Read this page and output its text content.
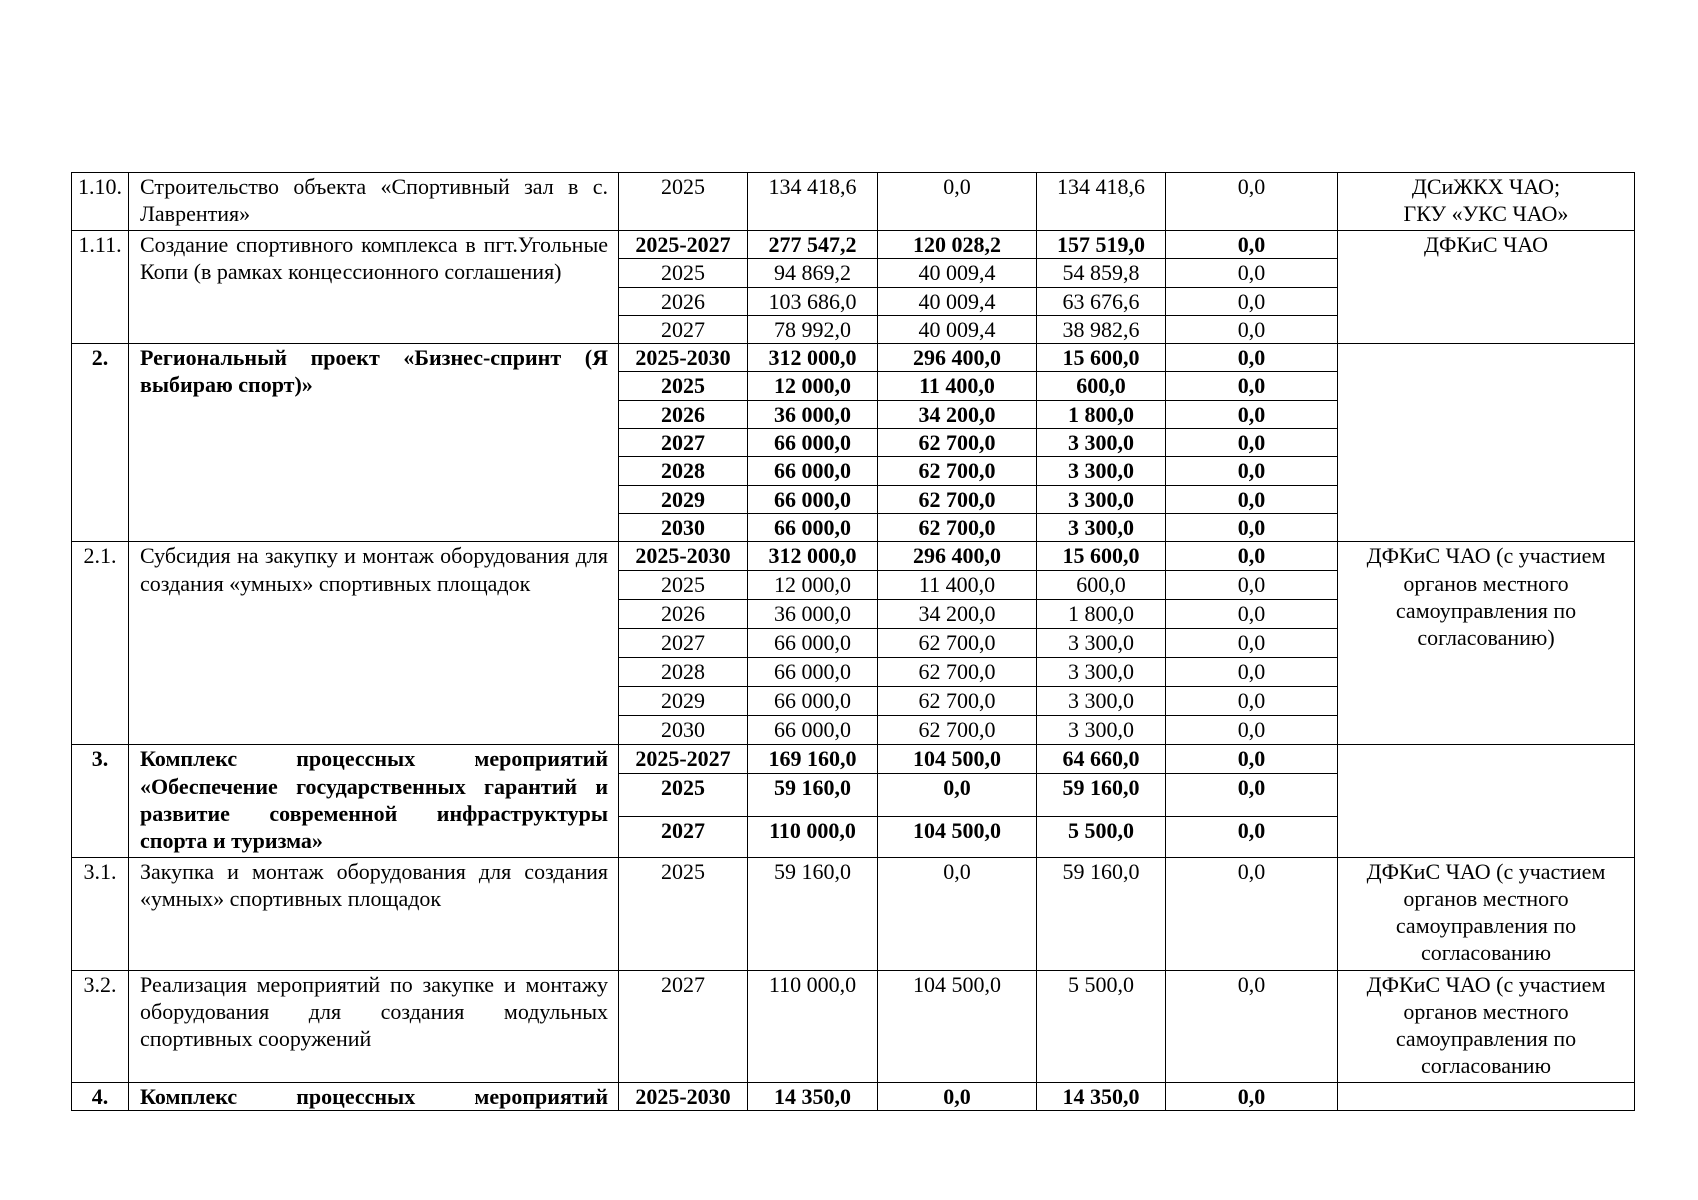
1.10.	Строительство объекта «Спортивный зал в с. Лаврентия»	2025	134 418,6	0,0	134 418,6	0,0	ДСиЖКХ ЧАО;
ГКУ «УКС ЧАО»

1.11.	Создание спортивного комплекса в пгт.Угольные Копи (в рамках концессионного соглашения)	2025-2027	277 547,2	120 028,2	157 519,0	0,0	ДФКиС ЧАО

		2025	94 869,2	40 009,4	54 859,8	0,0	
		2026	103 686,0	40 009,4	63 676,6	0,0	
		2027	78 992,0	40 009,4	38 982,6	0,0	
2.	Региональный проект «Бизнес-спринт (Я выбираю спорт)»	2025-2030	312 000,0	296 400,0	15 600,0	0,0	
		2025	12 000,0	11 400,0	600,0	0,0	
		2026	36 000,0	34 200,0	1 800,0	0,0	
		2027	66 000,0	62 700,0	3 300,0	0,0	
		2028	66 000,0	62 700,0	3 300,0	0,0	
		2029	66 000,0	62 700,0	3 300,0	0,0	
		2030	66 000,0	62 700,0	3 300,0	0,0	
2.1.	Субсидия на закупку и монтаж оборудования для создания «умных» спортивных площадок	2025-2030	312 000,0	296 400,0	15 600,0	0,0	ДФКиС ЧАО (с участием
органов местного
самоуправления по
согласованию)

		2025	12 000,0	11 400,0	600,0	0,0	
		2026	36 000,0	34 200,0	1 800,0	0,0	
		2027	66 000,0	62 700,0	3 300,0	0,0	
		2028	66 000,0	62 700,0	3 300,0	0,0	
		2029	66 000,0	62 700,0	3 300,0	0,0	
		2030	66 000,0	62 700,0	3 300,0	0,0	
3.	Комплекс процессных мероприятий «Обеспечение государственных гарантий и развитие современной инфраструктуры спорта и туризма»	2025-2027	169 160,0	104 500,0	64 660,0	0,0	
		2025	59 160,0	0,0	59 160,0	0,0	
		2027	110 000,0	104 500,0	5 500,0	0,0	
3.1.	Закупка и монтаж оборудования для создания «умных» спортивных площадок	2025	59 160,0	0,0	59 160,0	0,0	ДФКиС ЧАО (с участием
органов местного
самоуправления по
согласованию

3.2.	Реализация мероприятий по закупке и монтажу оборудования для создания модульных спортивных сооружений	2027	110 000,0	104 500,0	5 500,0	0,0	ДФКиС ЧАО (с участием
органов местного
самоуправления по
согласованию

4.	Комплекс процессных мероприятий	2025-2030	14 350,0	0,0	14 350,0	0,0	
